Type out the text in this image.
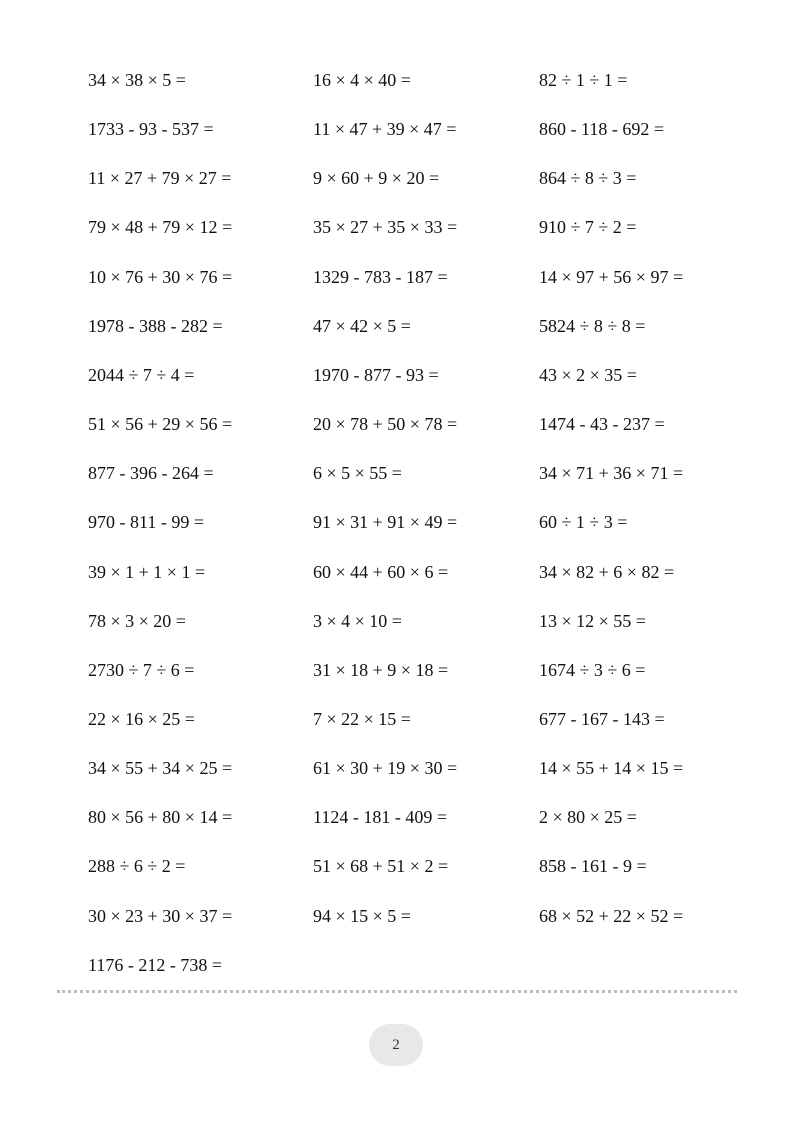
34 × 38 × 5 =
1733 - 93 - 537 =
11 × 27 + 79 × 27 =
79 × 48 + 79 × 12 =
10 × 76 + 30 × 76 =
1978 - 388 - 282 =
2044 ÷ 7 ÷ 4 =
51 × 56 + 29 × 56 =
877 - 396 - 264 =
970 - 811 - 99 =
39 × 1 + 1 × 1 =
78 × 3 × 20 =
2730 ÷ 7 ÷ 6 =
22 × 16 × 25 =
34 × 55 + 34 × 25 =
80 × 56 + 80 × 14 =
288 ÷ 6 ÷ 2 =
30 × 23 + 30 × 37 =
1176 - 212 - 738 =
16 × 4 × 40 =
11 × 47 + 39 × 47 =
9 × 60 + 9 × 20 =
35 × 27 + 35 × 33 =
1329 - 783 - 187 =
47 × 42 × 5 =
1970 - 877 - 93 =
20 × 78 + 50 × 78 =
6 × 5 × 55 =
91 × 31 + 91 × 49 =
60 × 44 + 60 × 6 =
3 × 4 × 10 =
31 × 18 + 9 × 18 =
7 × 22 × 15 =
61 × 30 + 19 × 30 =
1124 - 181 - 409 =
51 × 68 + 51 × 2 =
94 × 15 × 5 =
82 ÷ 1 ÷ 1 =
860 - 118 - 692 =
864 ÷ 8 ÷ 3 =
910 ÷ 7 ÷ 2 =
14 × 97 + 56 × 97 =
5824 ÷ 8 ÷ 8 =
43 × 2 × 35 =
1474 - 43 - 237 =
34 × 71 + 36 × 71 =
60 ÷ 1 ÷ 3 =
34 × 82 + 6 × 82 =
13 × 12 × 55 =
1674 ÷ 3 ÷ 6 =
677 - 167 - 143 =
14 × 55 + 14 × 15 =
2 × 80 × 25 =
858 - 161 - 9 =
68 × 52 + 22 × 52 =
2
